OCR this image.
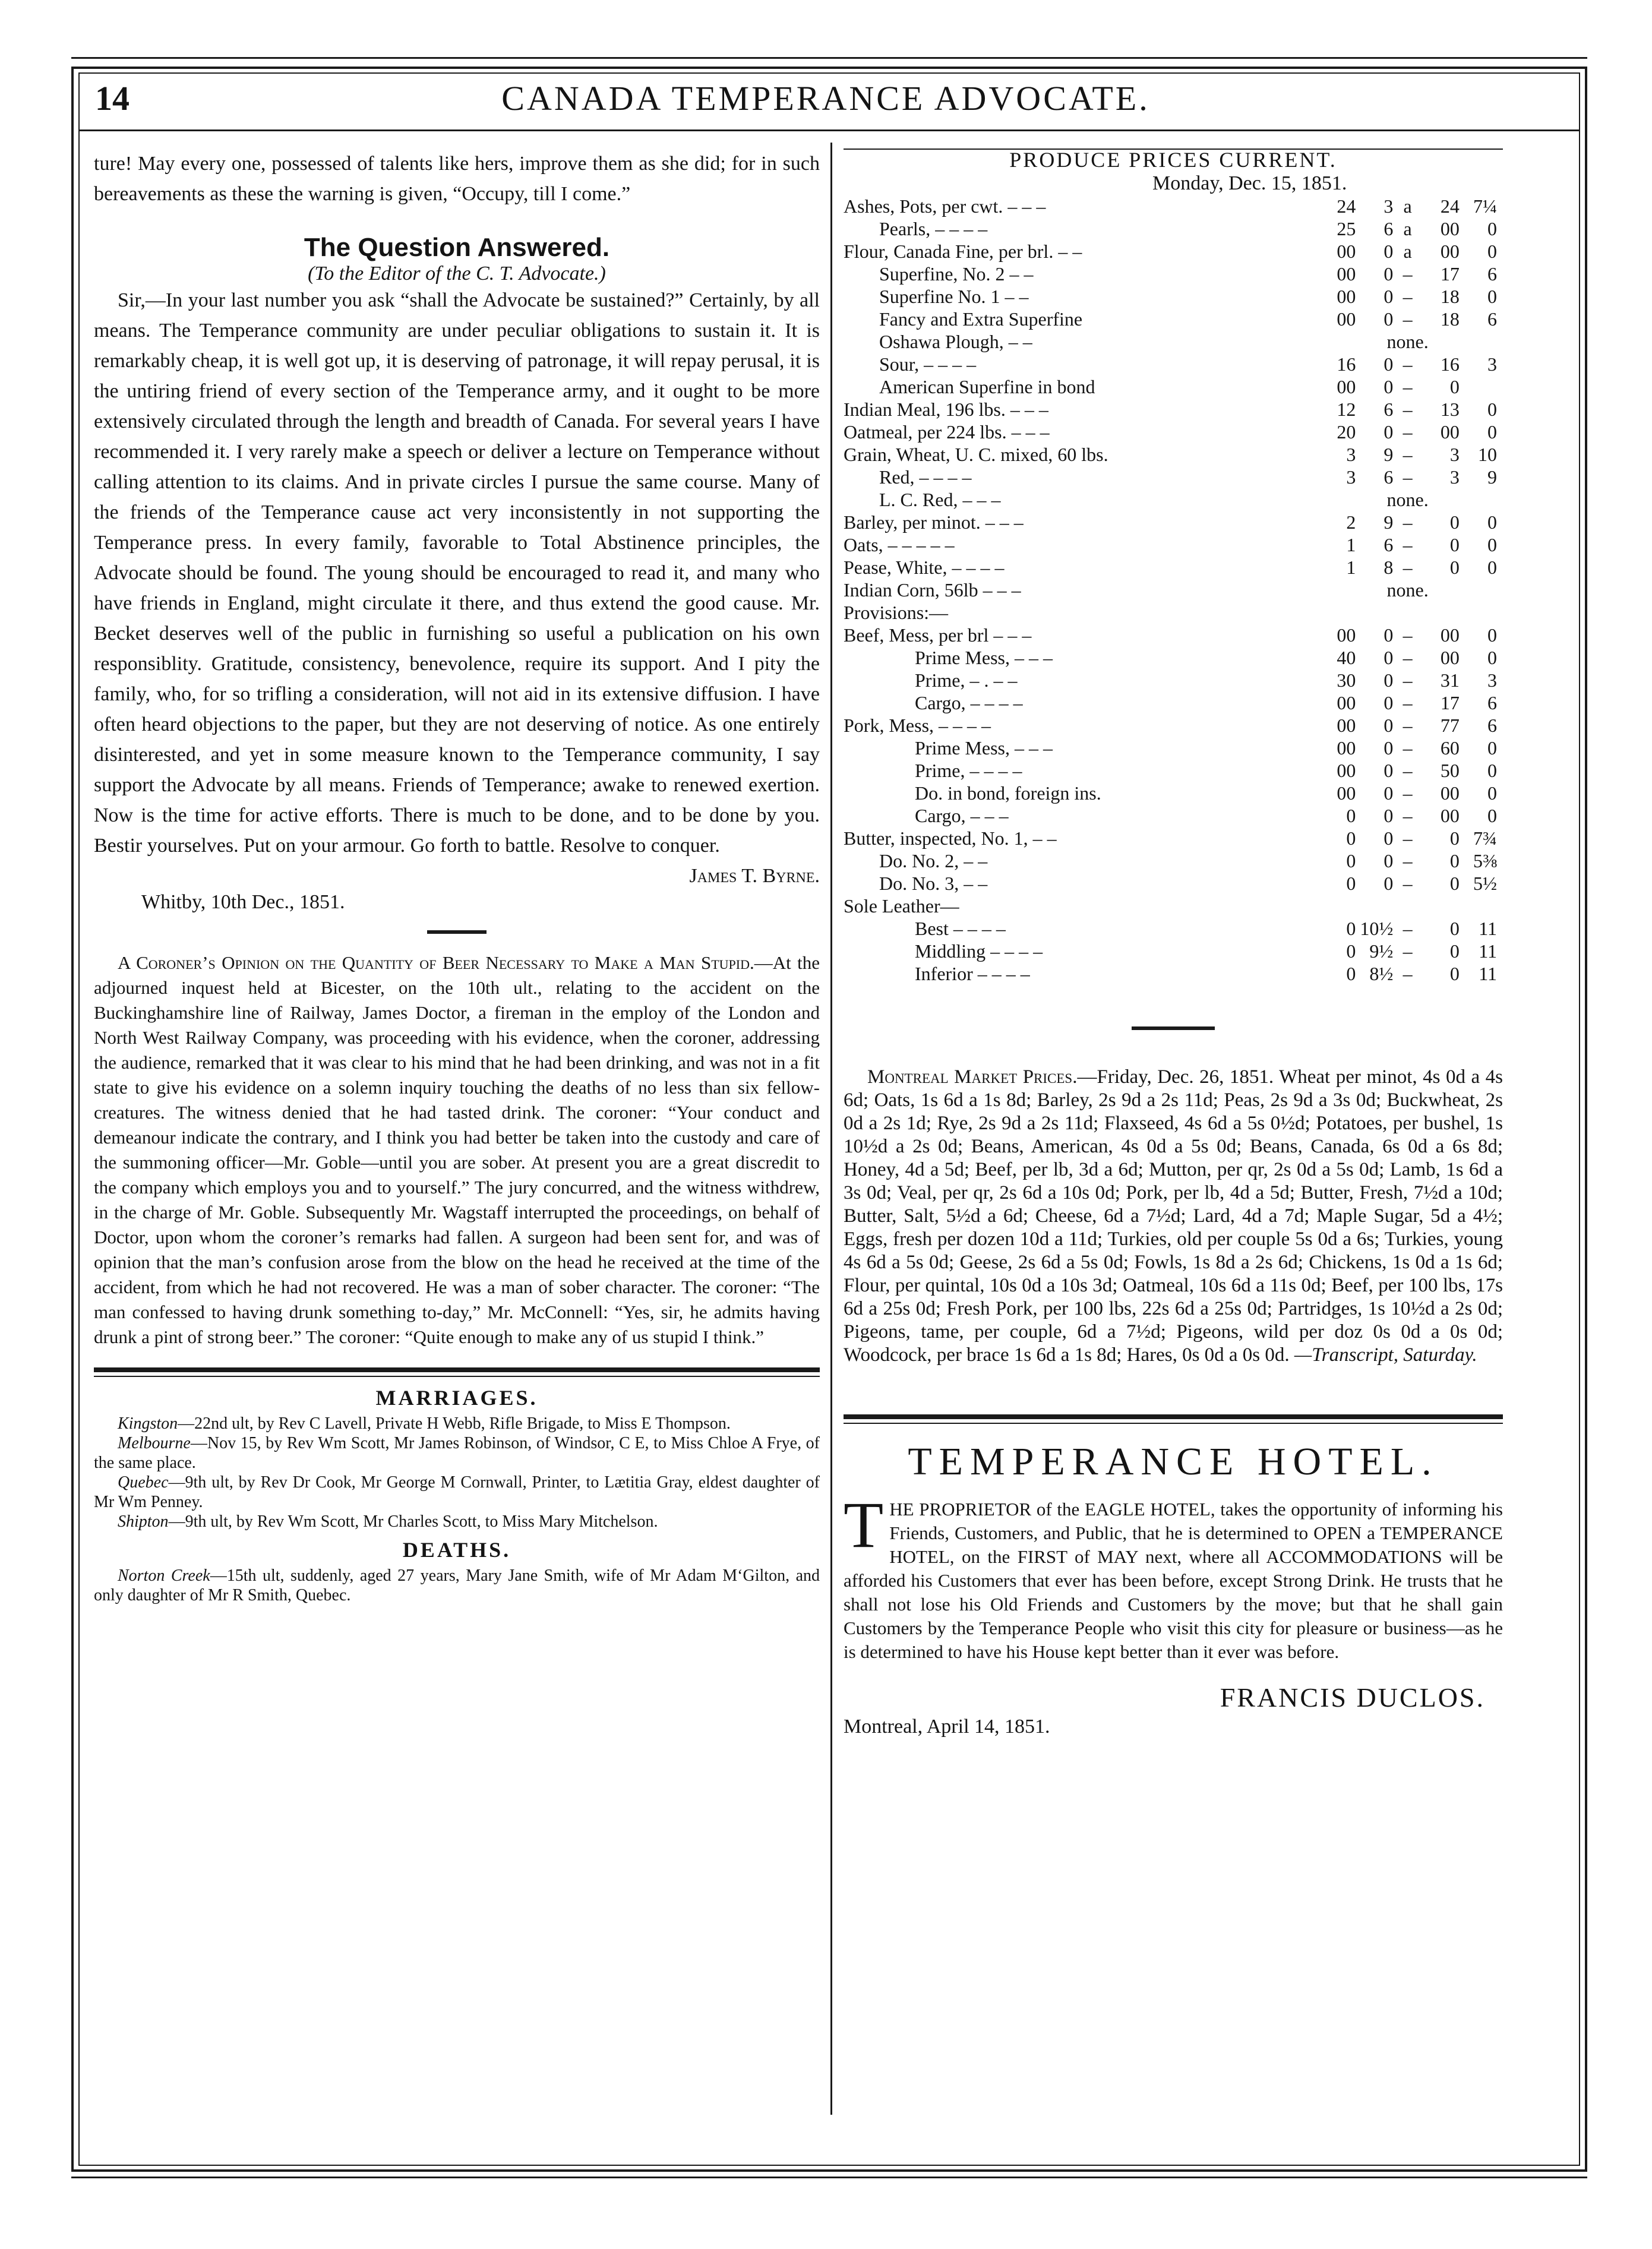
14	CANADA TEMPERANCE ADVOCATE.

ture! May every one, possessed of talents like hers, improve them as she did; for in such bereavements as these the warning is given, “Occupy, till I come.”

The Question Answered.
(To the Editor of the C. T. Advocate.)

Sir,—In your last number you ask “shall the Advocate be sustained?” Certainly, by all means. The Temperance community are under peculiar obligations to sustain it. It is remarkably cheap, it is well got up, it is deserving of patronage, it will repay perusal, it is the untiring friend of every section of the Temperance army, and it ought to be more extensively circulated through the length and breadth of Canada. For several years I have recommended it. I very rarely make a speech or deliver a lecture on Temperance without calling attention to its claims. And in private circles I pursue the same course. Many of the friends of the Temperance cause act very inconsistently in not supporting the Temperance press. In every family, favorable to Total Abstinence principles, the Advocate should be found. The young should be encouraged to read it, and many who have friends in England, might circulate it there, and thus extend the good cause. Mr. Becket deserves well of the public in furnishing so useful a publication on his own responsiblity. Gratitude, consistency, benevolence, require its support. And I pity the family, who, for so trifling a consideration, will not aid in its extensive diffusion. I have often heard objections to the paper, but they are not deserving of notice. As one entirely disinterested, and yet in some measure known to the Temperance community, I say support the Advocate by all means. Friends of Temperance; awake to renewed exertion. Now is the time for active efforts. There is much to be done, and to be done by you. Bestir yourselves. Put on your armour. Go forth to battle. Resolve to conquer.

James T. Byrne.
Whitby, 10th Dec., 1851.

A Coroner’s Opinion on the Quantity of Beer Necessary to Make a Man Stupid.—At the adjourned inquest held at Bicester, on the 10th ult., relating to the accident on the Buckinghamshire line of Railway, James Doctor, a fireman in the employ of the London and North West Railway Company, was proceeding with his evidence, when the coroner, addressing the audience, remarked that it was clear to his mind that he had been drinking, and was not in a fit state to give his evidence on a solemn inquiry touching the deaths of no less than six fellow-creatures. The witness denied that he had tasted drink. The coroner: “Your conduct and demeanour indicate the contrary, and I think you had better be taken into the custody and care of the summoning officer—Mr. Goble—until you are sober. At present you are a great discredit to the company which employs you and to yourself.” The jury concurred, and the witness withdrew, in the charge of Mr. Goble. Subsequently Mr. Wagstaff interrupted the proceedings, on behalf of Doctor, upon whom the coroner’s remarks had fallen. A surgeon had been sent for, and was of opinion that the man’s confusion arose from the blow on the head he received at the time of the accident, from which he had not recovered. He was a man of sober character. The coroner: “The man confessed to having drunk something to-day,” Mr. McConnell: “Yes, sir, he admits having drunk a pint of strong beer.” The coroner: “Quite enough to make any of us stupid I think.”

MARRIAGES.

Kingston—22nd ult, by Rev C Lavell, Private H Webb, Rifle Brigade, to Miss E Thompson.

Melbourne—Nov 15, by Rev Wm Scott, Mr James Robinson, of Windsor, C E, to Miss Chloe A Frye, of the same place.

Quebec—9th ult, by Rev Dr Cook, Mr George M Cornwall, Printer, to Lætitia Gray, eldest daughter of Mr Wm Penney.

Shipton—9th ult, by Rev Wm Scott, Mr Charles Scott, to Miss Mary Mitchelson.

DEATHS.

Norton Creek—15th ult, suddenly, aged 27 years, Mary Jane Smith, wife of Mr Adam M‘Gilton, and only daughter of Mr R Smith, Quebec.

PRODUCE PRICES CURRENT.
Monday, Dec. 15, 1851.
Ashes, Pots, per cwt. – – –	24	3	a	24	7¼
Pearls, – – – –	25	6	a	00	0
Flour, Canada Fine, per brl. – –	00	0	a	00	0
Superfine, No. 2 – –	00	0	–	17	6
Superfine No. 1 – –	00	0	–	18	0
Fancy and Extra Superfine	00	0	–	18	6
Oshawa Plough, – –	none.				
Sour, – – – –	16	0	–	16	3
American Superfine in bond	00	0	–	0	
Indian Meal, 196 lbs. – – –	12	6	–	13	0
Oatmeal, per 224 lbs. – – –	20	0	–	00	0
Grain, Wheat, U. C. mixed, 60 lbs.	3	9	–	3	10
Red, – – – –	3	6	–	3	9
L. C. Red, – – –	none.				
Barley, per minot. – – –	2	9	–	0	0
Oats, – – – – –	1	6	–	0	0
Pease, White, – – – –	1	8	–	0	0
Indian Corn, 56lb – – –	none.				
Provisions:—					
Beef, Mess, per brl – – –	00	0	–	00	0
Prime Mess, – – –	40	0	–	00	0
Prime, – . – –	30	0	–	31	3
Cargo, – – – –	00	0	–	17	6
Pork, Mess, – – – –	00	0	–	77	6
Prime Mess, – – –	00	0	–	60	0
Prime, – – – –	00	0	–	50	0
Do. in bond, foreign ins.	00	0	–	00	0
Cargo, – – –	0	0	–	00	0
Butter, inspected, No. 1, – –	0	0	–	0	7¾
Do. No. 2, – –	0	0	–	0	5⅜
Do. No. 3, – –	0	0	–	0	5½
Sole Leather—					
Best – – – –	0	10½	–	0	11
Middling – – – –	0	9½	–	0	11
Inferior – – – –	0	8½	–	0	11

Montreal Market Prices.—Friday, Dec. 26, 1851. Wheat per minot, 4s 0d a 4s 6d; Oats, 1s 6d a 1s 8d; Barley, 2s 9d a 2s 11d; Peas, 2s 9d a 3s 0d; Buckwheat, 2s 0d a 2s 1d; Rye, 2s 9d a 2s 11d; Flaxseed, 4s 6d a 5s 0½d; Potatoes, per bushel, 1s 10½d a 2s 0d; Beans, American, 4s 0d a 5s 0d; Beans, Canada, 6s 0d a 6s 8d; Honey, 4d a 5d; Beef, per lb, 3d a 6d; Mutton, per qr, 2s 0d a 5s 0d; Lamb, 1s 6d a 3s 0d; Veal, per qr, 2s 6d a 10s 0d; Pork, per lb, 4d a 5d; Butter, Fresh, 7½d a 10d; Butter, Salt, 5½d a 6d; Cheese, 6d a 7½d; Lard, 4d a 7d; Maple Sugar, 5d a 4½; Eggs, fresh per dozen 10d a 11d; Turkies, old per couple 5s 0d a 6s; Turkies, young 4s 6d a 5s 0d; Geese, 2s 6d a 5s 0d; Fowls, 1s 8d a 2s 6d; Chickens, 1s 0d a 1s 6d; Flour, per quintal, 10s 0d a 10s 3d; Oatmeal, 10s 6d a 11s 0d; Beef, per 100 lbs, 17s 6d a 25s 0d; Fresh Pork, per 100 lbs, 22s 6d a 25s 0d; Partridges, 1s 10½d a 2s 0d; Pigeons, tame, per couple, 6d a 7½d; Pigeons, wild per doz 0s 0d a 0s 0d; Woodcock, per brace 1s 6d a 1s 8d; Hares, 0s 0d a 0s 0d. —Transcript, Saturday.

TEMPERANCE HOTEL.

THE PROPRIETOR of the EAGLE HOTEL, takes the opportunity of informing his Friends, Customers, and Public, that he is determined to OPEN a TEMPERANCE HOTEL, on the FIRST of MAY next, where all ACCOMMODATIONS will be afforded his Customers that ever has been before, except Strong Drink. He trusts that he shall not lose his Old Friends and Customers by the move; but that he shall gain Customers by the Temperance People who visit this city for pleasure or business—as he is determined to have his House kept better than it ever was before.

FRANCIS DUCLOS.
Montreal, April 14, 1851.
